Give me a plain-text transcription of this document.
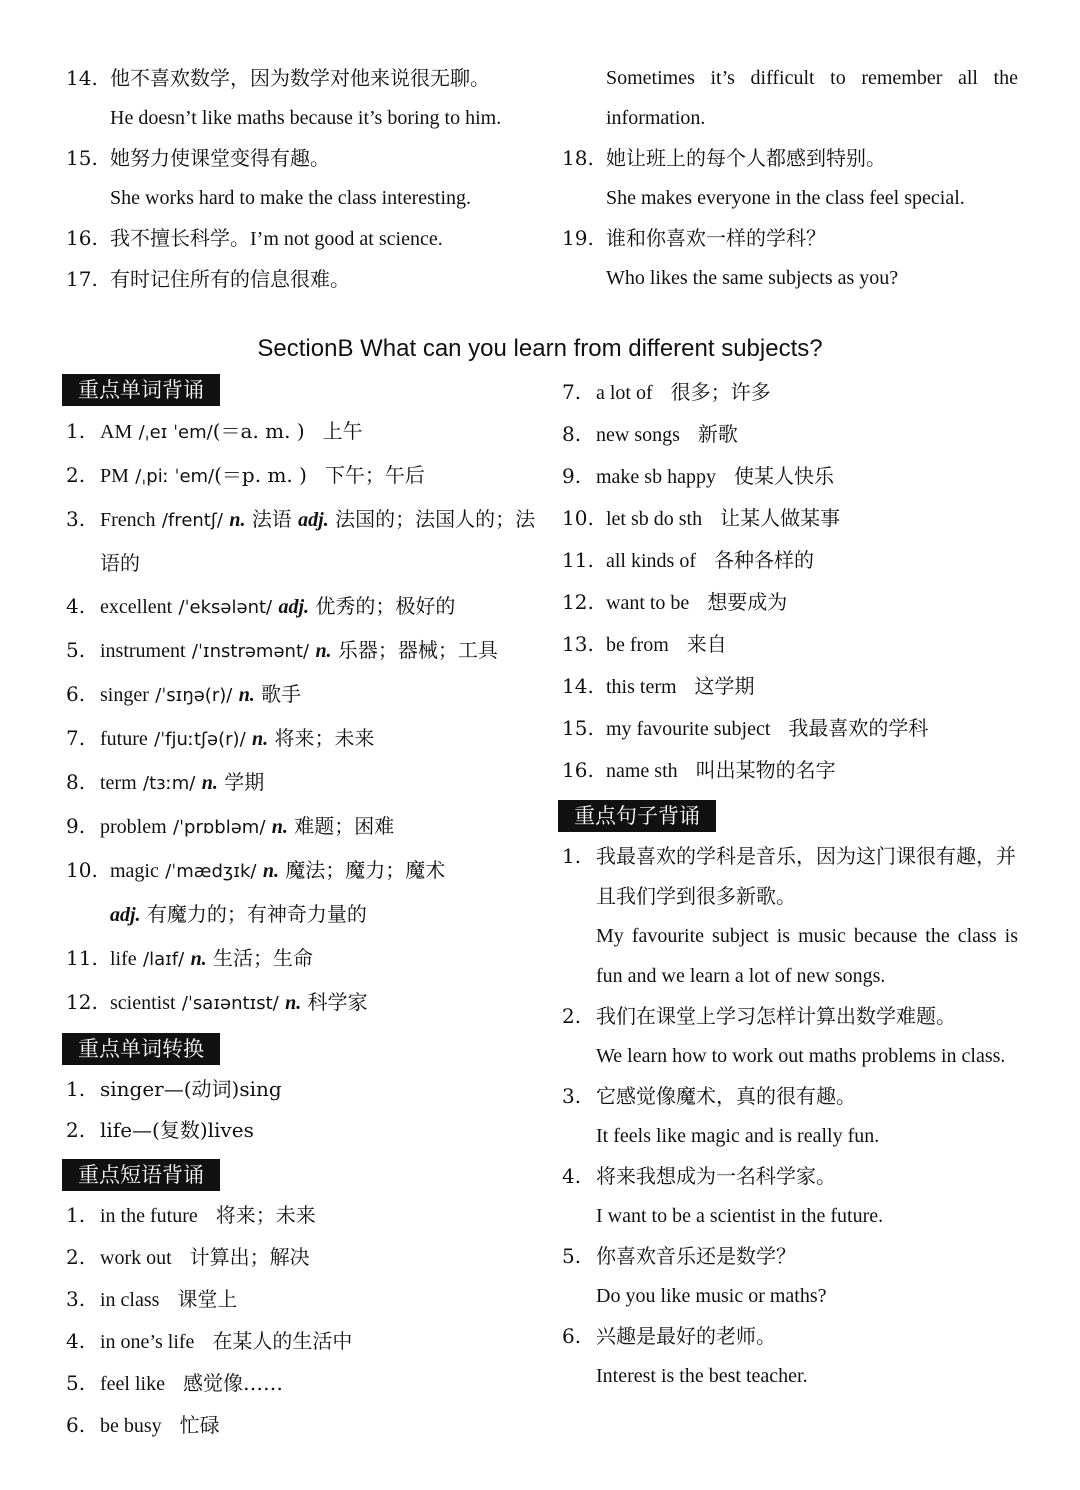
14. 他不喜欢数学，因为数学对他来说很无聊。
He doesn’t like maths because it’s boring to him.
15. 她努力使课堂变得有趣。
She works hard to make the class interesting.
16. 我不擅长科学。I’m not good at science.
17. 有时记住所有的信息很难。
Sometimes it’s difficult to remember all the information.
18. 她让班上的每个人都感到特别。
She makes everyone in the class feel special.
19. 谁和你喜欢一样的学科？
Who likes the same subjects as you?
SectionB What can you learn from different subjects?
重点单词背诵
1. AM /ˌeɪ ˈem/(＝a. m. ) 上午
2. PM /ˌpiː ˈem/(＝p. m. ) 下午；午后
3. French /frentʃ/ n. 法语 adj. 法国的；法国人的；法语的
4. excellent /ˈeksələnt/ adj. 优秀的；极好的
5. instrument /ˈɪnstrəmənt/ n. 乐器；器械；工具
6. singer /ˈsɪŋə(r)/ n. 歌手
7. future /ˈfjuːtʃə(r)/ n. 将来；未来
8. term /tɜːm/ n. 学期
9. problem /ˈprɒbləm/ n. 难题；困难
10. magic /ˈmædʒɪk/ n. 魔法；魔力；魔术
adj. 有魔力的；有神奇力量的
11. life /laɪf/ n. 生活；生命
12. scientist /ˈsaɪəntɪst/ n. 科学家
重点单词转换
1. singer—(动词)sing
2. life—(复数)lives
重点短语背诵
1. in the future 将来；未来
2. work out 计算出；解决
3. in class 课堂上
4. in one’s life 在某人的生活中
5. feel like 感觉像……
6. be busy 忙碌
7. a lot of 很多；许多
8. new songs 新歌
9. make sb happy 使某人快乐
10. let sb do sth 让某人做某事
11. all kinds of 各种各样的
12. want to be 想要成为
13. be from 来自
14. this term 这学期
15. my favourite subject 我最喜欢的学科
16. name sth 叫出某物的名字
重点句子背诵
1. 我最喜欢的学科是音乐，因为这门课很有趣，并且我们学到很多新歌。
My favourite subject is music because the class is fun and we learn a lot of new songs.
2. 我们在课堂上学习怎样计算出数学难题。
We learn how to work out maths problems in class.
3. 它感觉像魔术，真的很有趣。
It feels like magic and is really fun.
4. 将来我想成为一名科学家。
I want to be a scientist in the future.
5. 你喜欢音乐还是数学？
Do you like music or maths?
6. 兴趣是最好的老师。
Interest is the best teacher.
